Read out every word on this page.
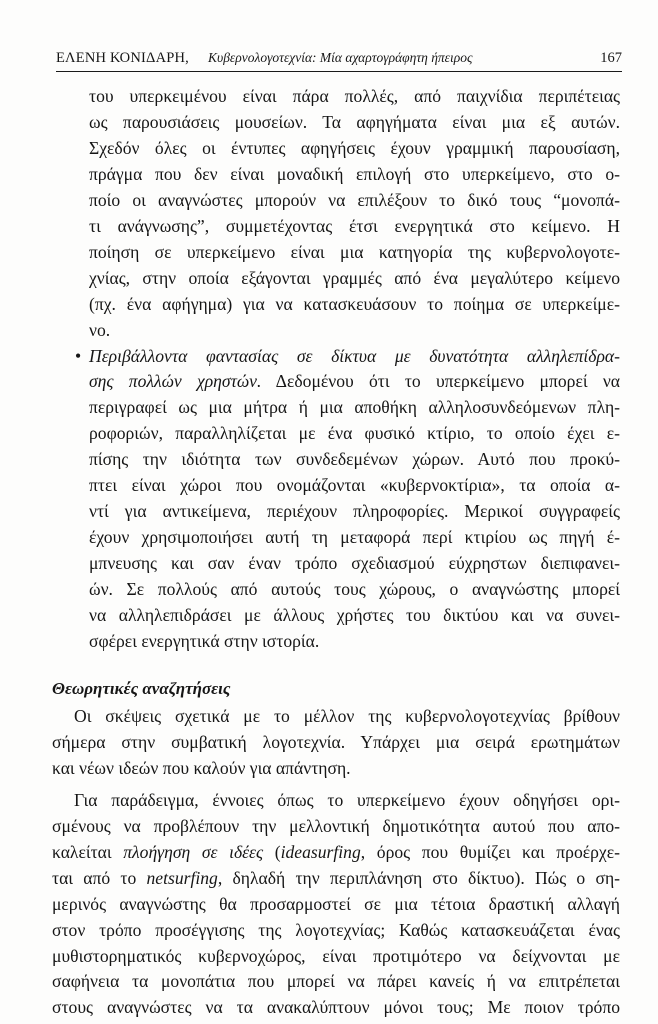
ΕΛΕΝΗ ΚΟΝΙΔΑΡΗ, Κυβερνολογοτεχνία: Μία αχαρτογράφητη ήπειρος	167
του υπερκειμένου είναι πάρα πολλές, από παιχνίδια περιπέτειας
ως παρουσιάσεις μουσείων. Τα αφηγήματα είναι μια εξ αυτών.
Σχεδόν όλες οι έντυπες αφηγήσεις έχουν γραμμική παρουσίαση,
πράγμα που δεν είναι μοναδική επιλογή στο υπερκείμενο, στο ο-
ποίο οι αναγνώστες μπορούν να επιλέξουν το δικό τους “μονοπά-
τι ανάγνωσης”, συμμετέχοντας έτσι ενεργητικά στο κείμενο. Η
ποίηση σε υπερκείμενο είναι μια κατηγορία της κυβερνολογοτε-
χνίας, στην οποία εξάγονται γραμμές από ένα μεγαλύτερο κείμενο
(πχ. ένα αφήγημα) για να κατασκευάσουν το ποίημα σε υπερκείμε-
νο.
• Περιβάλλοντα φαντασίας σε δίκτυα με δυνατότητα αλληλεπίδρα-
σης πολλών χρηστών. Δεδομένου ότι το υπερκείμενο μπορεί να
περιγραφεί ως μια μήτρα ή μια αποθήκη αλληλοσυνδεόμενων πλη-
ροφοριών, παραλληλίζεται με ένα φυσικό κτίριο, το οποίο έχει ε-
πίσης την ιδιότητα των συνδεδεμένων χώρων. Αυτό που προκύ-
πτει είναι χώροι που ονομάζονται «κυβερνοκτίρια», τα οποία α-
ντί για αντικείμενα, περιέχουν πληροφορίες. Μερικοί συγγραφείς
έχουν χρησιμοποιήσει αυτή τη μεταφορά περί κτιρίου ως πηγή έ-
μπνευσης και σαν έναν τρόπο σχεδιασμού εύχρηστων διεπιφανει-
ών. Σε πολλούς από αυτούς τους χώρους, ο αναγνώστης μπορεί
να αλληλεπιδράσει με άλλους χρήστες του δικτύου και να συνει-
σφέρει ενεργητικά στην ιστορία.
Θεωρητικές αναζητήσεις
Οι σκέψεις σχετικά με το μέλλον της κυβερνολογοτεχνίας βρίθουν
σήμερα στην συμβατική λογοτεχνία. Υπάρχει μια σειρά ερωτημάτων
και νέων ιδεών που καλούν για απάντηση.
Για παράδειγμα, έννοιες όπως το υπερκείμενο έχουν οδηγήσει ορι-
σμένους να προβλέπουν την μελλοντική δημοτικότητα αυτού που απο-
καλείται πλοήγηση σε ιδέες (ideasurfing, όρος που θυμίζει και προέρχε-
ται από το netsurfing, δηλαδή την περιπλάνηση στο δίκτυο). Πώς ο ση-
μερινός αναγνώστης θα προσαρμοστεί σε μια τέτοια δραστική αλλαγή
στον τρόπο προσέγγισης της λογοτεχνίας; Καθώς κατασκευάζεται ένας
μυθιστορηματικός κυβερνοχώρος, είναι προτιμότερο να δείχνονται με
σαφήνεια τα μονοπάτια που μπορεί να πάρει κανείς ή να επιτρέπεται
στους αναγνώστες να τα ανακαλύπτουν μόνοι τους; Με ποιον τρόπο
